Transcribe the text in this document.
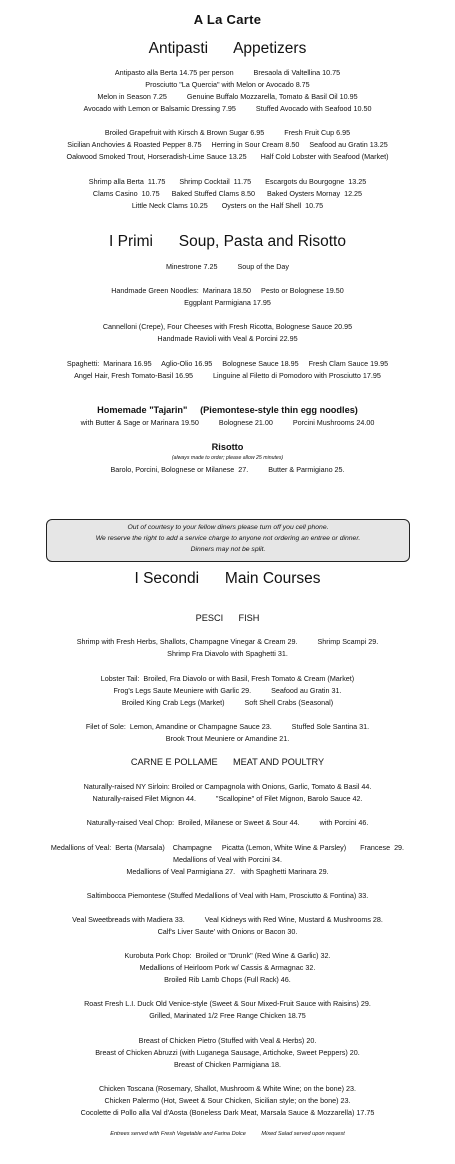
A La Carte
Antipasti      Appetizers

Antipasto alla Berta 14.75 per person          Bresaola di Valtellina 10.75

Prosciutto "La Quercia" with Melon or Avocado 8.75

Melon in Season 7.25          Genuine Buffalo Mozzarella, Tomato & Basil Oil 10.95

Avocado with Lemon or Balsamic Dressing 7.95          Stuffed Avocado with Seafood 10.50

Broiled Grapefruit with Kirsch & Brown Sugar 6.95          Fresh Fruit Cup 6.95

Sicilian Anchovies & Roasted Pepper 8.75     Herring in Sour Cream 8.50     Seafood au Gratin 13.25

Oakwood Smoked Trout, Horseradish-Lime Sauce 13.25       Half Cold Lobster with Seafood (Market)

Shrimp alla Berta  11.75       Shrimp Cocktail  11.75       Escargots du Bourgogne  13.25

Clams Casino  10.75      Baked Stuffed Clams 8.50      Baked Oysters Mornay  12.25

Little Neck Clams 10.25       Oysters on the Half Shell  10.75

I Primi      Soup, Pasta and Risotto

Minestrone 7.25          Soup of the Day

Handmade Green Noodles:  Marinara 18.50     Pesto or Bolognese 19.50

Eggplant Parmigiana 17.95

Cannelloni (Crepe), Four Cheeses with Fresh Ricotta, Bolognese Sauce 20.95

Handmade Ravioli with Veal & Porcini 22.95

Spaghetti:  Marinara 16.95     Aglio-Olio 16.95     Bolognese Sauce 18.95     Fresh Clam Sauce 19.95

Angel Hair, Fresh Tomato-Basil 16.95          Linguine al Filetto di Pomodoro with Prosciutto 17.95

Homemade "Tajarin"     (Piemontese-style thin egg noodles)

with Butter & Sage or Marinara 19.50          Bolognese 21.00          Porcini Mushrooms 24.00

Risotto

(always made to order; please allow 25 minutes)

Barolo, Porcini, Bolognese or Milanese  27.          Butter & Parmigiano 25.

Out of courtesy to your fellow diners please turn off you cell phone.
We reserve the right to add a service charge to anyone not ordering an entree or dinner.
Dinners may not be split.
I Secondi      Main Courses
PESCI      FISH

Shrimp with Fresh Herbs, Shallots, Champagne Vinegar & Cream 29.          Shrimp Scampi 29.

Shrimp Fra Diavolo with Spaghetti 31.

Lobster Tail:  Broiled, Fra Diavolo or with Basil, Fresh Tomato & Cream (Market)

Frog's Legs Saute Meuniere with Garlic 29.          Seafood au Gratin 31.

Broiled King Crab Legs (Market)          Soft Shell Crabs (Seasonal)

Filet of Sole:  Lemon, Amandine or Champagne Sauce 23.          Stuffed Sole Santina 31.

Brook Trout Meuniere or Amandine 21.

CARNE E POLLAME      MEAT AND POULTRY

Naturally-raised NY Sirloin: Broiled or Campagnola with Onions, Garlic, Tomato & Basil 44.

Naturally-raised Filet Mignon 44.          "Scallopine" of Filet Mignon, Barolo Sauce 42.

Naturally-raised Veal Chop:  Broiled, Milanese or Sweet & Sour 44.          with Porcini 46.

Medallions of Veal:  Berta (Marsala)    Champagne     Picatta (Lemon, White Wine & Parsley)       Francese  29.

Medallions of Veal with Porcini 34.

Medallions of Veal Parmigiana 27.   with Spaghetti Marinara 29.

Saltimbocca Piemontese (Stuffed Medallions of Veal with Ham, Prosciutto & Fontina) 33.

Veal Sweetbreads with Madiera 33.          Veal Kidneys with Red Wine, Mustard & Mushrooms 28.

Calf's Liver Saute' with Onions or Bacon 30.

Kurobuta Pork Chop:  Broiled or "Drunk" (Red Wine & Garlic) 32.

Medallions of Heirloom Pork w/ Cassis & Armagnac 32.

Broiled Rib Lamb Chops (Full Rack) 46.

Roast Fresh L.I. Duck Old Venice-style (Sweet & Sour Mixed-Fruit Sauce with Raisins) 29.

Grilled, Marinated 1/2 Free Range Chicken 18.75

Breast of Chicken Pietro (Stuffed with Veal & Herbs) 20.

Breast of Chicken Abruzzi (with Luganega Sausage, Artichoke, Sweet Peppers) 20.

Breast of Chicken Parmigiana 18.

Chicken Toscana (Rosemary, Shallot, Mushroom & White Wine; on the bone) 23.

Chicken Palermo (Hot, Sweet & Sour Chicken, Sicilian style; on the bone) 23.

Cocolette di Pollo alla Val d'Aosta (Boneless Dark Meat, Marsala Sauce & Mozzarella) 17.75

Entrees served with Fresh Vegetable and Farina Dolce          Mixed Salad served upon request
